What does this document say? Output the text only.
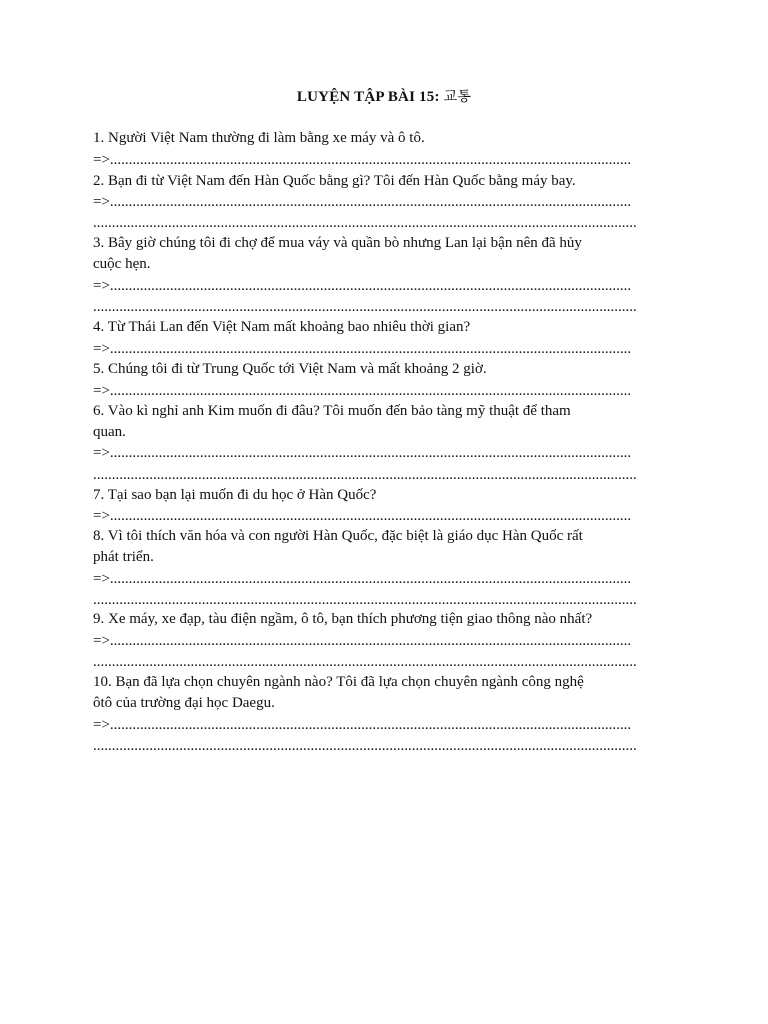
LUYỆN TẬP BÀI 15: 교통
1. Người Việt Nam thường đi làm bằng xe máy và ô tô.
=>...........................................................................................................................................
2. Bạn đi từ Việt Nam đến Hàn Quốc bằng gì? Tôi đến Hàn Quốc bằng máy bay.
=>...........................................................................................................................................
.................................................................................................................................................
3. Bây giờ chúng tôi đi chợ để mua váy và quần bò nhưng Lan lại bận nên đã hủy
cuộc hẹn.
=>...........................................................................................................................................
.................................................................................................................................................
4. Từ Thái Lan đến Việt Nam mất khoảng bao nhiêu thời gian?
=>...........................................................................................................................................
5. Chúng tôi đi từ Trung Quốc tới Việt Nam và mất khoảng 2 giờ.
=>...........................................................................................................................................
6. Vào kì nghỉ anh Kim muốn đi đâu? Tôi muốn đến bảo tàng mỹ thuật để tham
quan.
=>...........................................................................................................................................
.................................................................................................................................................
7. Tại sao bạn lại muốn đi du học ở Hàn Quốc?
=>...........................................................................................................................................
8. Vì tôi thích văn hóa và con người Hàn Quốc, đặc biệt là giáo dục Hàn Quốc rất
phát triển.
=>...........................................................................................................................................
.................................................................................................................................................
9. Xe máy, xe đạp, tàu điện ngầm, ô tô, bạn thích phương tiện giao thông nào nhất?
=>...........................................................................................................................................
.................................................................................................................................................
10. Bạn đã lựa chọn chuyên ngành nào? Tôi đã lựa chọn chuyên ngành công nghệ
ôtô của trường đại học Daegu.
=>...........................................................................................................................................
.................................................................................................................................................
